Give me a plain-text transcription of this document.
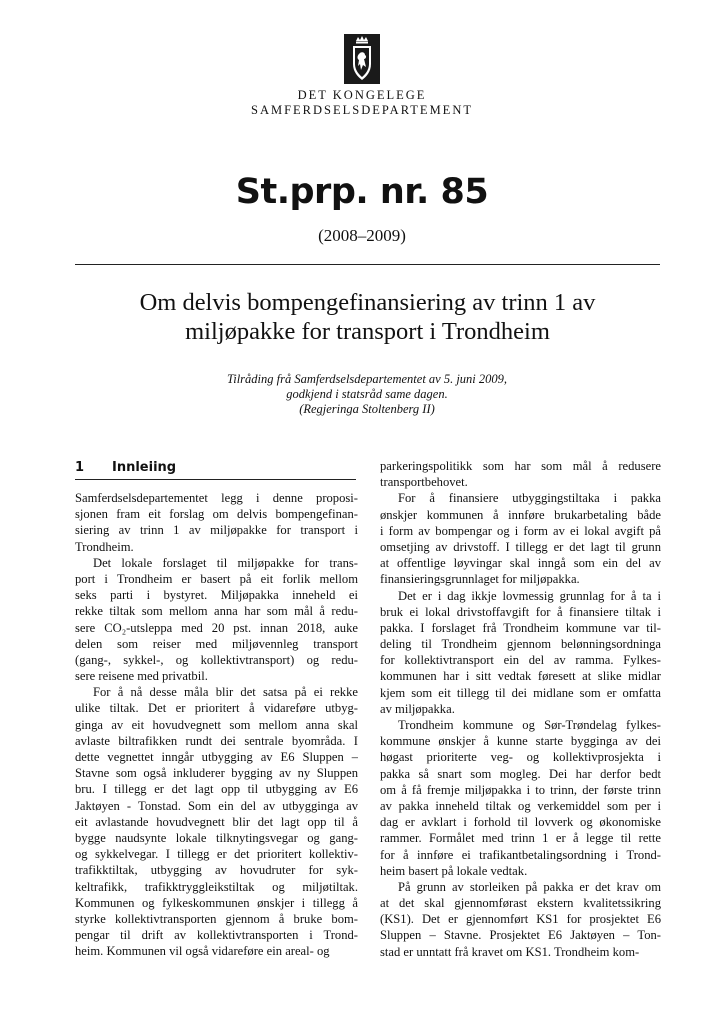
DET KONGELEGE
SAMFERDSELSDEPARTEMENT
St.prp. nr. 85
(2008–2009)
Om delvis bompengefinansiering av trinn 1 av
miljøpakke for transport i Trondheim
Tilråding frå Samferdselsdepartementet av 5. juni 2009,
godkjend i statsråd same dagen.
(Regjeringa Stoltenberg II)
1 Innleiing
Samferdselsdepartementet legg i denne proposi-
sjonen fram eit forslag om delvis bompengefinan-
siering av trinn 1 av miljøpakke for transport i
Trondheim.
Det lokale forslaget til miljøpakke for trans-
port i Trondheim er basert på eit forlik mellom
seks parti i bystyret. Miljøpakka inneheld ei
rekke tiltak som mellom anna har som mål å redu-
sere CO₂-utsleppa med 20 pst. innan 2018, auke
delen som reiser med miljøvennleg transport
(gang-, sykkel-, og kollektivtransport) og redu-
sere reisene med privatbil.
For å nå desse måla blir det satsa på ei rekke
ulike tiltak. Det er prioritert å vidareføre utbyg-
ginga av eit hovudvegnett som mellom anna skal
avlaste biltrafikken rundt dei sentrale byområda. I
dette vegnettet inngår utbygging av E6 Sluppen –
Stavne som også inkluderer bygging av ny Sluppen
bru. I tillegg er det lagt opp til utbygging av E6
Jaktøyen - Tonstad. Som ein del av utbygginga av
eit avlastande hovudvegnett blir det lagt opp til å
bygge naudsynte lokale tilknytingsvegar og gang-
og sykkelvegar. I tillegg er det prioritert kollektiv-
trafikktiltak, utbygging av hovudruter for syk-
keltrafikk, trafikktryggleikstiltak og miljøtiltak.
Kommunen og fylkeskommunen ønskjer i tillegg å
styrke kollektivtransporten gjennom å bruke bom-
pengar til drift av kollektivtransporten i Trond-
heim. Kommunen vil også vidareføre ein areal- og
parkeringspolitikk som har som mål å redusere
transportbehovet.
For å finansiere utbyggingstiltaka i pakka
ønskjer kommunen å innføre brukarbetaling både
i form av bompengar og i form av ei lokal avgift på
omsetjing av drivstoff. I tillegg er det lagt til grunn
at offentlige løyvingar skal inngå som ein del av
finansieringsgrunnlaget for miljøpakka.
Det er i dag ikkje lovmessig grunnlag for å ta i
bruk ei lokal drivstoffavgift for å finansiere tiltak i
pakka. I forslaget frå Trondheim kommune var til-
deling til Trondheim gjennom belønningsordninga
for kollektivtransport ein del av ramma. Fylkes-
kommunen har i sitt vedtak føresett at slike midlar
kjem som eit tillegg til dei midlane som er omfatta
av miljøpakka.
Trondheim kommune og Sør-Trøndelag fylkes-
kommune ønskjer å kunne starte bygginga av dei
høgast prioriterte veg- og kollektivprosjekta i
pakka så snart som mogleg. Dei har derfor bedt
om å få fremje miljøpakka i to trinn, der første trinn
av pakka inneheld tiltak og verkemiddel som per i
dag er avklart i forhold til lovverk og økonomiske
rammer. Formålet med trinn 1 er å legge til rette
for å innføre ei trafikantbetalingsordning i Trond-
heim basert på lokale vedtak.
På grunn av storleiken på pakka er det krav om
at det skal gjennomførast ekstern kvalitetssikring
(KS1). Det er gjennomført KS1 for prosjektet E6
Sluppen – Stavne. Prosjektet E6 Jaktøyen – Ton-
stad er unntatt frå kravet om KS1. Trondheim kom-
